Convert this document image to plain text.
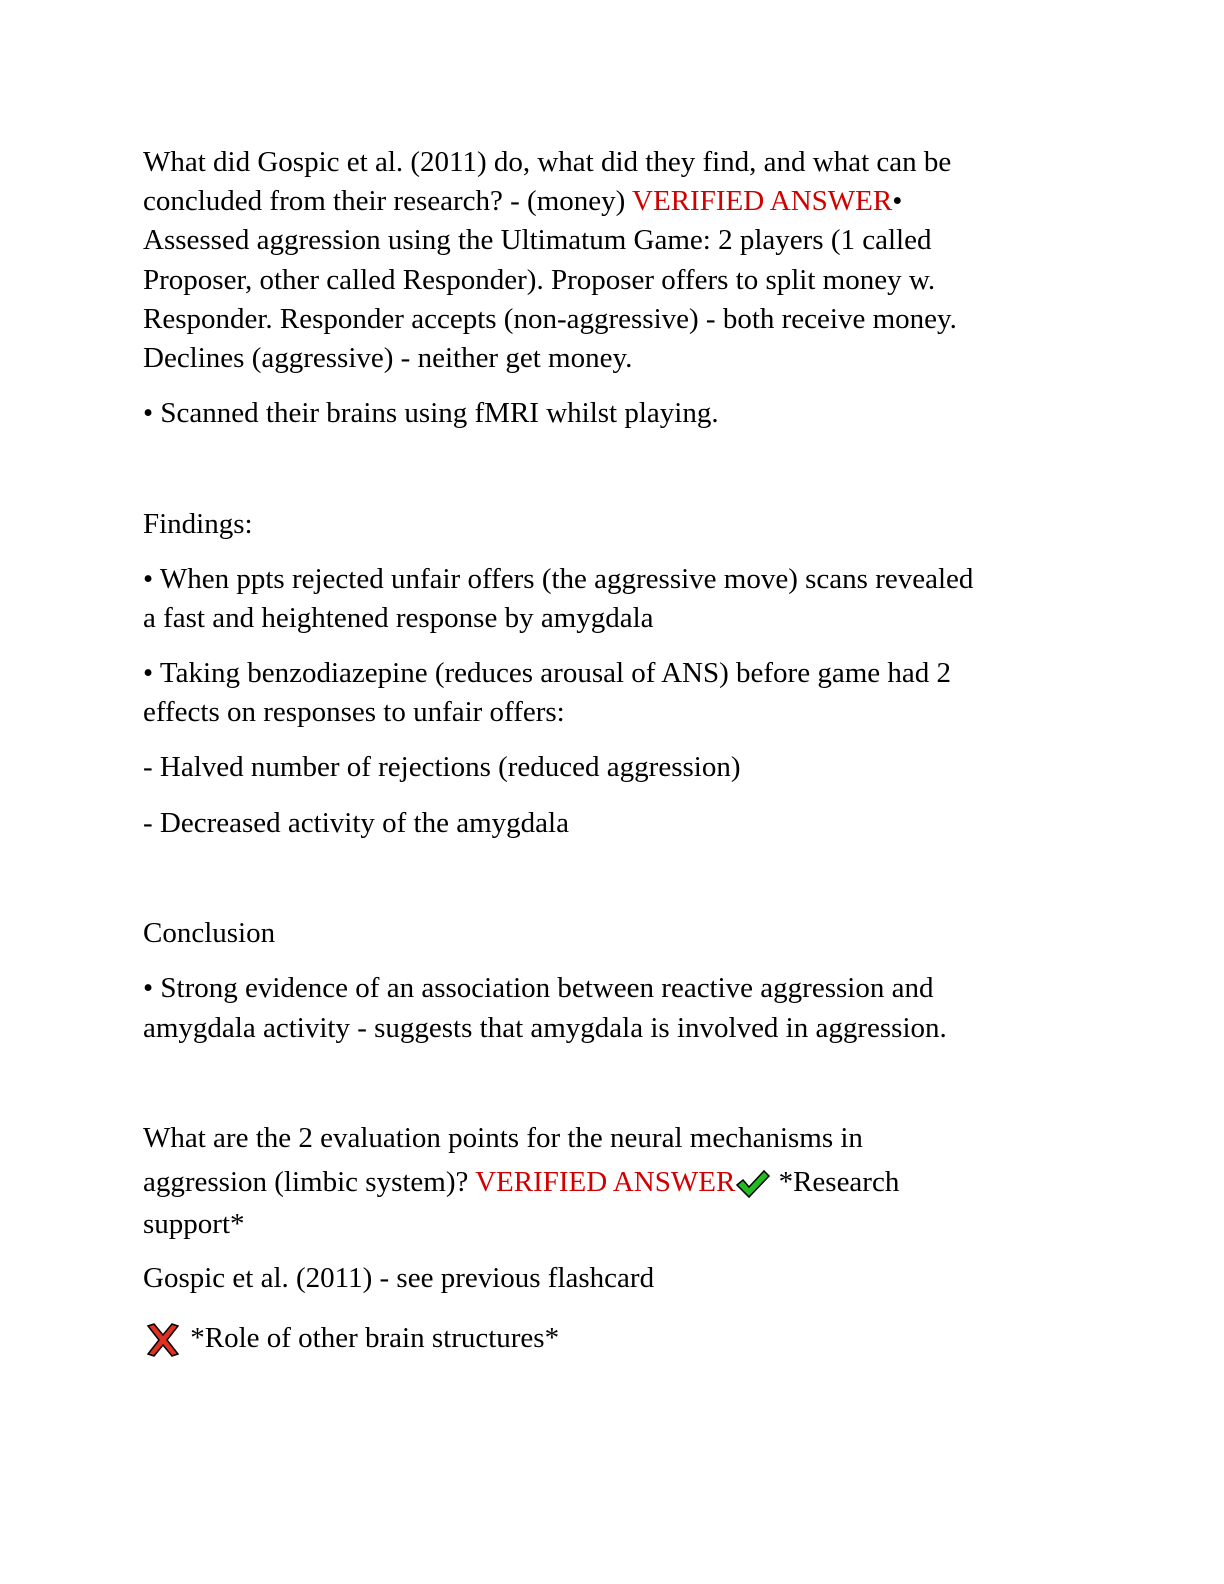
What did Gospic et al. (2011) do, what did they find, and what can be
concluded from their research? - (money) VERIFIED ANSWER•
Assessed aggression using the Ultimatum Game: 2 players (1 called
Proposer, other called Responder). Proposer offers to split money w.
Responder. Responder accepts (non-aggressive) - both receive money.
Declines (aggressive) - neither get money.
• Scanned their brains using fMRI whilst playing.
Findings:
• When ppts rejected unfair offers (the aggressive move) scans revealed
a fast and heightened response by amygdala
• Taking benzodiazepine (reduces arousal of ANS) before game had 2
effects on responses to unfair offers:
- Halved number of rejections (reduced aggression)
- Decreased activity of the amygdala
Conclusion
• Strong evidence of an association between reactive aggression and
amygdala activity - suggests that amygdala is involved in aggression.
What are the 2 evaluation points for the neural mechanisms in
aggression (limbic system)? VERIFIED ANSWER *Research
support*
Gospic et al. (2011) - see previous flashcard
*Role of other brain structures*
